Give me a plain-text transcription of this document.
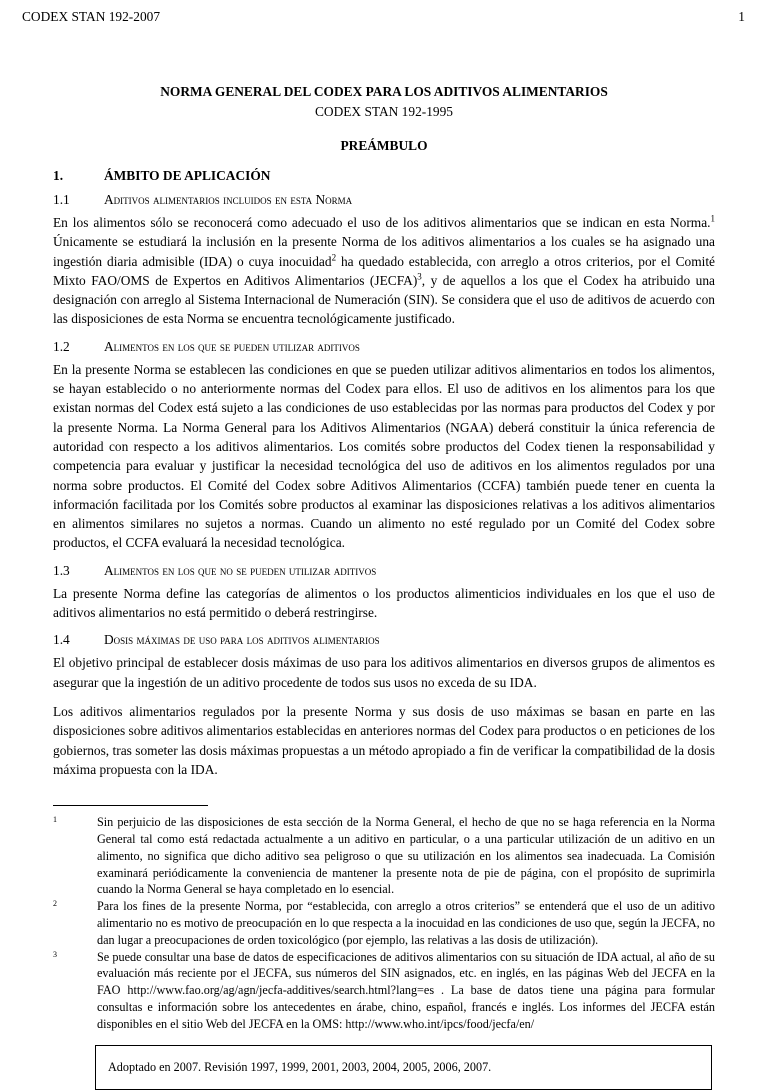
CODEX STAN 192-2007	1
NORMA GENERAL DEL CODEX PARA LOS ADITIVOS ALIMENTARIOS
CODEX STAN 192-1995
PREÁMBULO
1.	ÁMBITO DE APLICACIÓN
1.1	Aditivos alimentarios incluidos en esta Norma

En los alimentos sólo se reconocerá como adecuado el uso de los aditivos alimentarios que se indican en esta Norma.$^1$ Únicamente se estudiará la inclusión en la presente Norma de los aditivos alimentarios a los cuales se ha asignado una ingestión diaria admisible (IDA) o cuya inocuidad$^2$ ha quedado establecida, con arreglo a otros criterios, por el Comité Mixto FAO/OMS de Expertos en Aditivos Alimentarios (JECFA)$^3$, y de aquellos a los que el Codex ha atribuido una designación con arreglo al Sistema Internacional de Numeración (SIN). Se considera que el uso de aditivos de acuerdo con las disposiciones de esta Norma se encuentra tecnológicamente justificado.

1.2	Alimentos en los que se pueden utilizar aditivos

En la presente Norma se establecen las condiciones en que se pueden utilizar aditivos alimentarios en todos los alimentos, se hayan establecido o no anteriormente normas del Codex para ellos. El uso de aditivos en los alimentos para los que existan normas del Codex está sujeto a las condiciones de uso establecidas por las normas para productos del Codex y por la presente Norma. La Norma General para los Aditivos Alimentarios (NGAA) deberá constituir la única referencia de autoridad con respecto a los aditivos alimentarios. Los comités sobre productos del Codex tienen la responsabilidad y competencia para evaluar y justificar la necesidad tecnológica del uso de aditivos en los alimentos regulados por una norma sobre productos. El Comité del Codex sobre Aditivos Alimentarios (CCFA) también puede tener en cuenta la información facilitada por los Comités sobre productos al examinar las disposiciones relativas a los aditivos alimentarios en alimentos similares no sujetos a normas. Cuando un alimento no esté regulado por un Comité del Codex sobre productos, el CCFA evaluará la necesidad tecnológica.

1.3	Alimentos en los que no se pueden utilizar aditivos

La presente Norma define las categorías de alimentos o los productos alimenticios individuales en los que el uso de aditivos alimentarios no está permitido o deberá restringirse.

1.4	Dosis máximas de uso para los aditivos alimentarios

El objetivo principal de establecer dosis máximas de uso para los aditivos alimentarios en diversos grupos de alimentos es asegurar que la ingestión de un aditivo procedente de todos sus usos no exceda de su IDA.

Los aditivos alimentarios regulados por la presente Norma y sus dosis de uso máximas se basan en parte en las disposiciones sobre aditivos alimentarios establecidas en anteriores normas del Codex para productos o en peticiones de los gobiernos, tras someter las dosis máximas propuestas a un método apropiado a fin de verificar la compatibilidad de la dosis máxima propuesta con la IDA.

1	Sin perjuicio de las disposiciones de esta sección de la Norma General, el hecho de que no se haga referencia en la Norma General tal como está redactada actualmente a un aditivo en particular, o a una particular utilización de un aditivo en un alimento, no significa que dicho aditivo sea peligroso o que su utilización en los alimentos sea inadecuada. La Comisión examinará periódicamente la conveniencia de mantener la presente nota de pie de página, con el propósito de suprimirla cuando la Norma General se haya completado en lo esencial.
2	Para los fines de la presente Norma, por “establecida, con arreglo a otros criterios” se entenderá que el uso de un aditivo alimentario no es motivo de preocupación en lo que respecta a la inocuidad en las condiciones de uso que, según la JECFA, no dan lugar a preocupaciones de orden toxicológico (por ejemplo, las relativas a las dosis de utilización).
3	Se puede consultar una base de datos de especificaciones de aditivos alimentarios con su situación de IDA actual, al año de su evaluación más reciente por el JECFA, sus números del SIN asignados, etc. en inglés, en las páginas Web del JECFA en la FAO http://www.fao.org/ag/agn/jecfa-additives/search.html?lang=es . La base de datos tiene una página para formular consultas e información sobre los antecedentes en árabe, chino, español, francés e inglés. Los informes del JECFA están disponibles en el sitio Web del JECFA en la OMS: http://www.who.int/ipcs/food/jecfa/en/
Adoptado en 2007. Revisión 1997, 1999, 2001, 2003, 2004, 2005, 2006, 2007.
